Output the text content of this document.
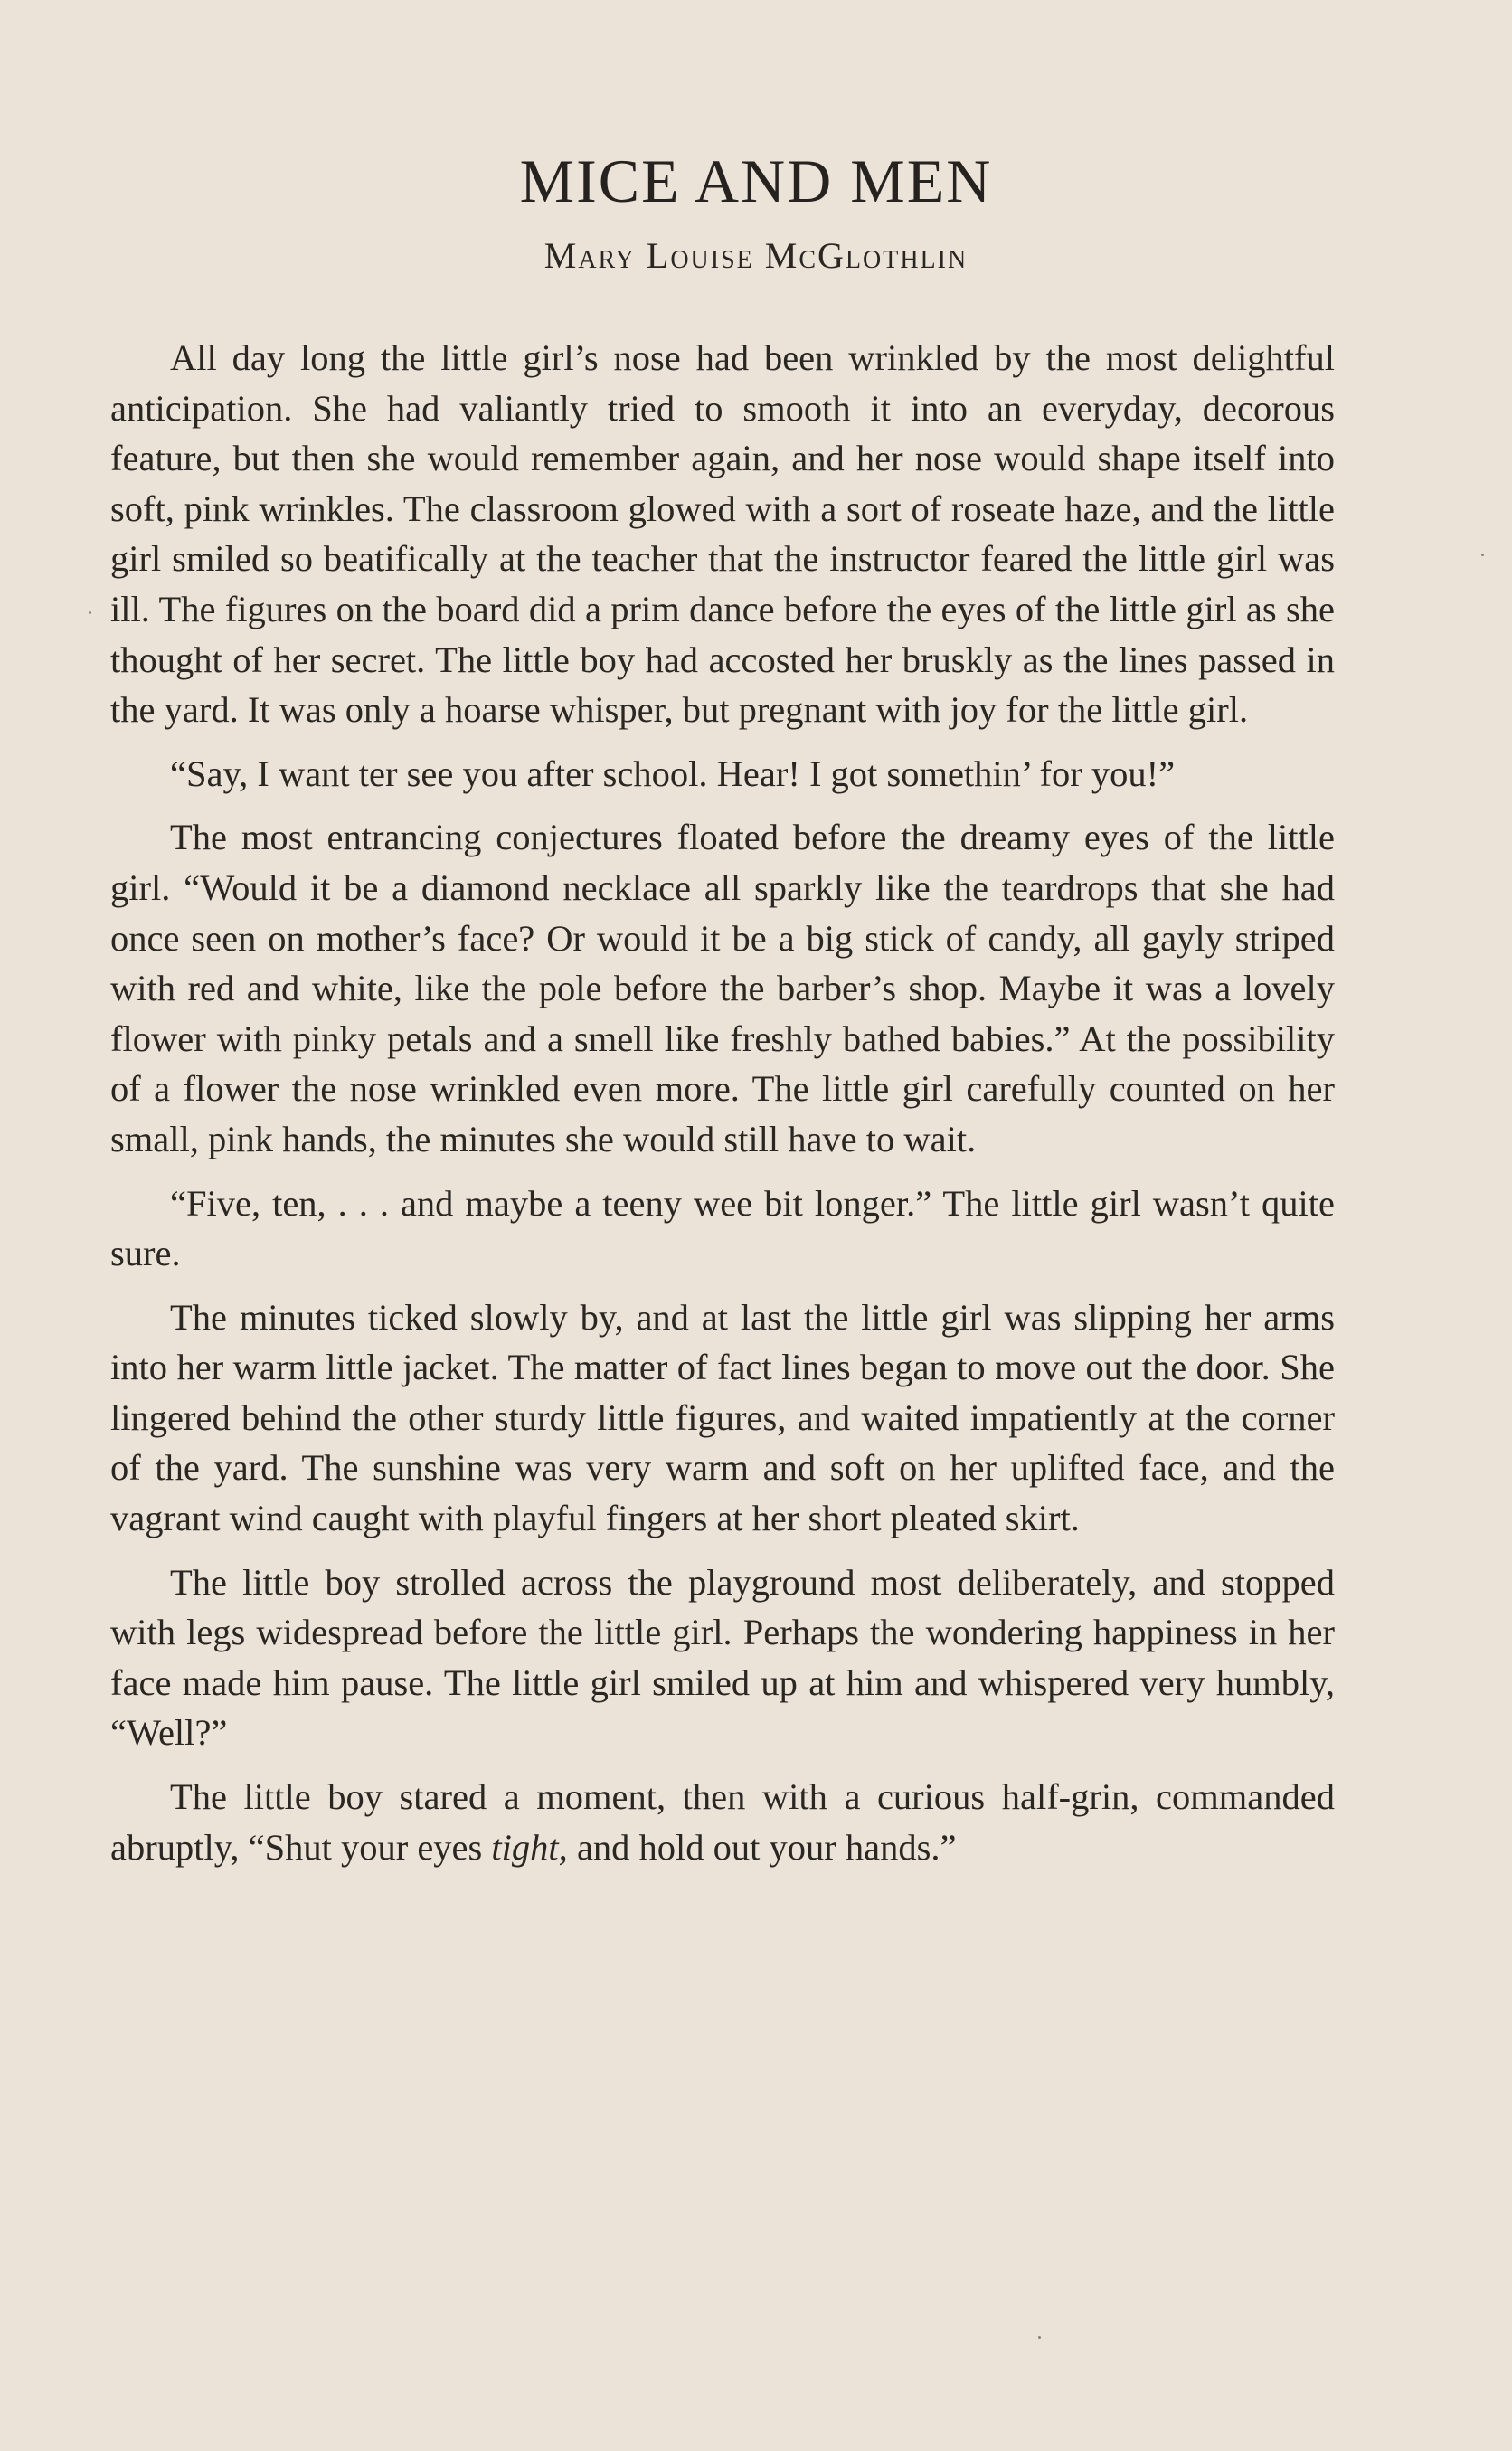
MICE AND MEN
Mary Louise McGlothlin

All day long the little girl’s nose had been wrinkled by the most delightful anticipation. She had valiantly tried to smooth it into an everyday, decorous feature, but then she would remember again, and her nose would shape itself into soft, pink wrinkles. The classroom glowed with a sort of roseate haze, and the little girl smiled so beatifically at the teacher that the instructor feared the little girl was ill. The figures on the board did a prim dance before the eyes of the little girl as she thought of her secret. The little boy had accosted her bruskly as the lines passed in the yard. It was only a hoarse whisper, but pregnant with joy for the little girl.

“Say, I want ter see you after school. Hear! I got somethin’ for you!”

The most entrancing conjectures floated before the dreamy eyes of the little girl. “Would it be a diamond necklace all sparkly like the teardrops that she had once seen on mother’s face? Or would it be a big stick of candy, all gayly striped with red and white, like the pole before the barber’s shop. Maybe it was a lovely flower with pinky petals and a smell like freshly bathed babies.” At the possibility of a flower the nose wrinkled even more. The little girl carefully counted on her small, pink hands, the minutes she would still have to wait.

“Five, ten, . . . and maybe a teeny wee bit longer.” The little girl wasn’t quite sure.

The minutes ticked slowly by, and at last the little girl was slipping her arms into her warm little jacket. The matter of fact lines began to move out the door. She lingered behind the other sturdy little figures, and waited impatiently at the corner of the yard. The sunshine was very warm and soft on her uplifted face, and the vagrant wind caught with playful fingers at her short pleated skirt.

The little boy strolled across the playground most deliberately, and stopped with legs widespread before the little girl. Perhaps the wondering happiness in her face made him pause. The little girl smiled up at him and whispered very humbly, “Well?”

The little boy stared a moment, then with a curious half-grin, commanded abruptly, “Shut your eyes tight, and hold out your hands.”
